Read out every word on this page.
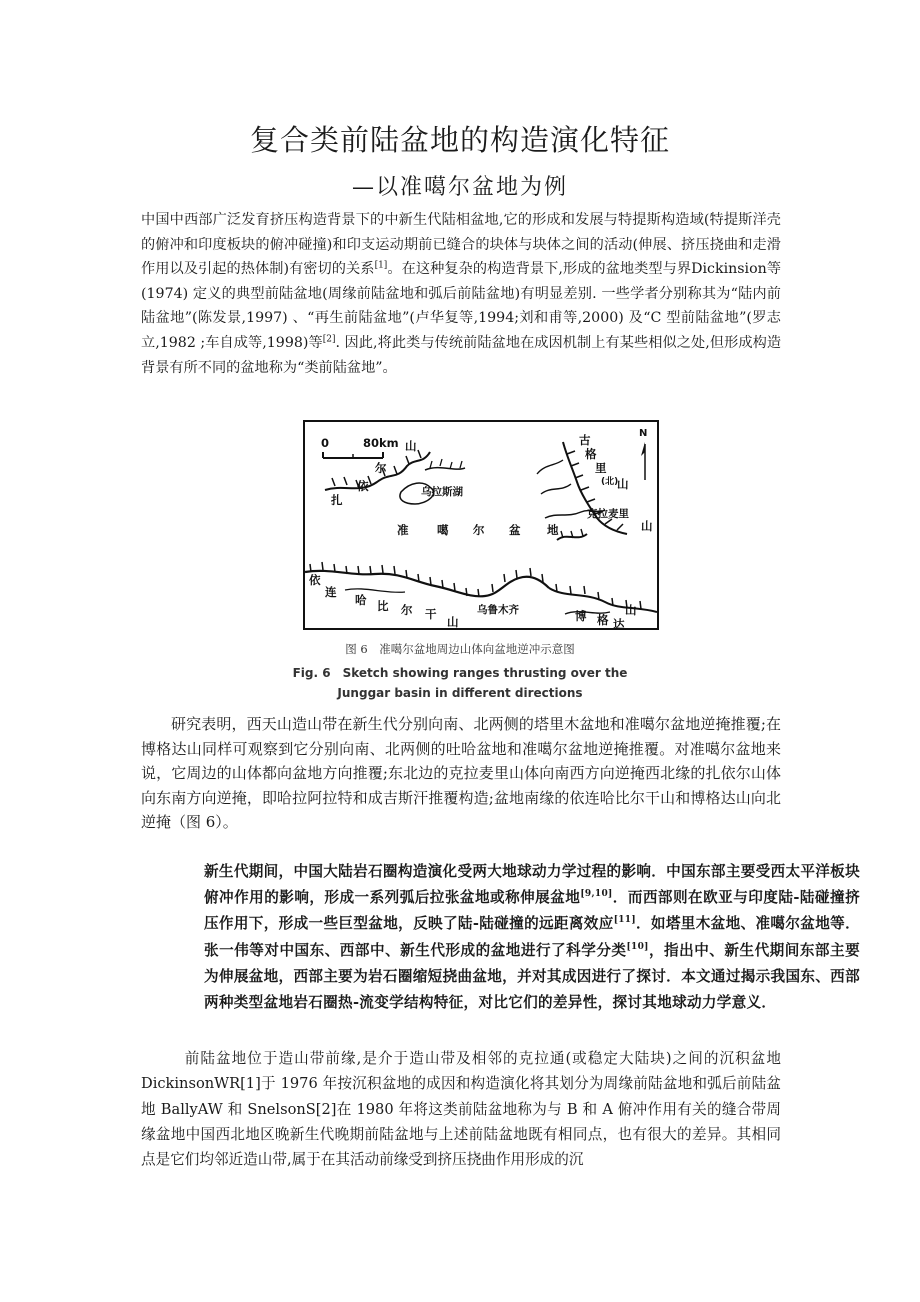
复合类前陆盆地的构造演化特征
—以准噶尔盆地为例

中国中西部广泛发育挤压构造背景下的中新生代陆相盆地,它的形成和发展与特提斯构造域(特提斯洋壳的俯冲和印度板块的俯冲碰撞)和印支运动期前已缝合的块体与块体之间的活动(伸展、挤压挠曲和走滑作用以及引起的热体制)有密切的关系[1]。在这种复杂的构造背景下,形成的盆地类型与界Dickinsion等(1974) 定义的典型前陆盆地(周缘前陆盆地和弧后前陆盆地)有明显差别. 一些学者分别称其为“陆内前陆盆地”(陈发景,1997) 、“再生前陆盆地”(卢华复等,1994;刘和甫等,2000) 及“C 型前陆盆地”(罗志立,1982 ;车自成等,1998)等[2]. 因此,将此类与传统前陆盆地在成因机制上有某些相似之处,但形成构造背景有所不同的盆地称为“类前陆盆地”。

0	80km
N
山
尔
依
扎
乌拉斯湖
古
格
里
(北)
山
克拉麦里
山
准 噶 尔 盆 地
依
连
哈 比 尔 干
山
乌鲁木齐	博 格 达
山
图 6　准噶尔盆地周边山体向盆地逆冲示意图
Fig. 6　Sketch showing ranges thrusting over the
Junggar basin in different directions

研究表明，西天山造山带在新生代分别向南、北两侧的塔里木盆地和准噶尔盆地逆掩推覆;在博格达山同样可观察到它分别向南、北两侧的吐哈盆地和准噶尔盆地逆掩推覆。对准噶尔盆地来说，它周边的山体都向盆地方向推覆;东北边的克拉麦里山体向南西方向逆掩西北缘的扎依尔山体向东南方向逆掩，即哈拉阿拉特和成吉斯汗推覆构造;盆地南缘的依连哈比尔干山和博格达山向北逆掩（图 6）。

新生代期间，中国大陆岩石圈构造演化受两大地球动力学过程的影响．中国东部主要受西太平洋板块俯冲作用的影响，形成一系列弧后拉张盆地或称伸展盆地[9,10]．而西部则在欧亚与印度陆-陆碰撞挤压作用下，形成一些巨型盆地，反映了陆-陆碰撞的远距离效应[11]．如塔里木盆地、准噶尔盆地等．张一伟等对中国东、西部中、新生代形成的盆地进行了科学分类[10]，指出中、新生代期间东部主要为伸展盆地，西部主要为岩石圈缩短挠曲盆地，并对其成因进行了探讨．本文通过揭示我国东、西部两种类型盆地岩石圈热-流变学结构特征，对比它们的差异性，探讨其地球动力学意义．

前陆盆地位于造山带前缘,是介于造山带及相邻的克拉通(或稳定大陆块)之间的沉积盆地 DickinsonWR[1]于 1976 年按沉积盆地的成因和构造演化将其划分为周缘前陆盆地和弧后前陆盆地 BallyAW 和 SnelsonS[2]在 1980 年将这类前陆盆地称为与 B 和 A 俯冲作用有关的缝合带周缘盆地中国西北地区晚新生代晚期前陆盆地与上述前陆盆地既有相同点，也有很大的差异。其相同点是它们均邻近造山带,属于在其活动前缘受到挤压挠曲作用形成的沉
